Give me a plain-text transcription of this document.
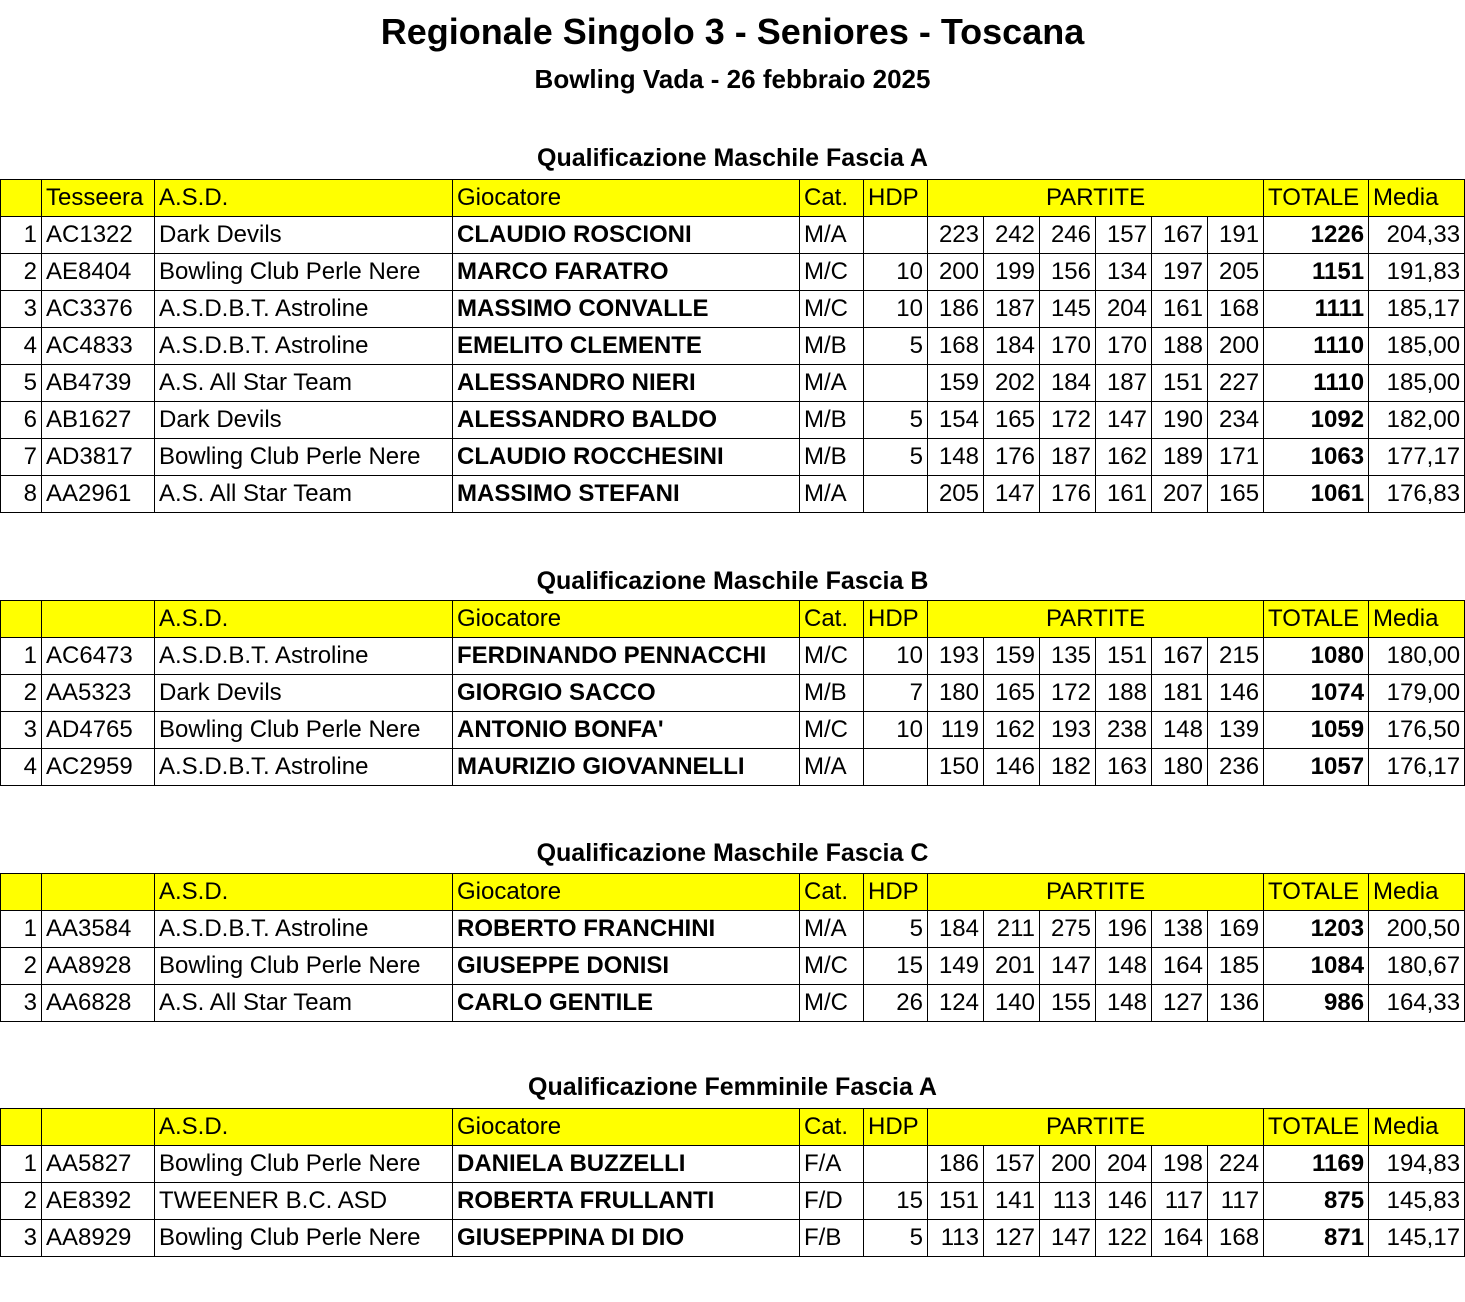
Regionale Singolo 3 - Seniores - Toscana
Bowling Vada - 26 febbraio 2025
Qualificazione Maschile Fascia A
	Tesseera	A.S.D.	Giocatore	Cat.	HDP	PARTITE						TOTALE	Media
1	AC1322	Dark Devils	CLAUDIO ROSCIONI	M/A		223	242	246	157	167	191	1226	204,33
2	AE8404	Bowling Club Perle Nere	MARCO FARATRO	M/C	10	200	199	156	134	197	205	1151	191,83
3	AC3376	A.S.D.B.T. Astroline	MASSIMO CONVALLE	M/C	10	186	187	145	204	161	168	1111	185,17
4	AC4833	A.S.D.B.T. Astroline	EMELITO CLEMENTE	M/B	5	168	184	170	170	188	200	1110	185,00
5	AB4739	A.S. All Star Team	ALESSANDRO NIERI	M/A		159	202	184	187	151	227	1110	185,00
6	AB1627	Dark Devils	ALESSANDRO BALDO	M/B	5	154	165	172	147	190	234	1092	182,00
7	AD3817	Bowling Club Perle Nere	CLAUDIO ROCCHESINI	M/B	5	148	176	187	162	189	171	1063	177,17
8	AA2961	A.S. All Star Team	MASSIMO STEFANI	M/A		205	147	176	161	207	165	1061	176,83
Qualificazione Maschile Fascia B
		A.S.D.	Giocatore	Cat.	HDP	PARTITE						TOTALE	Media
1	AC6473	A.S.D.B.T. Astroline	FERDINANDO PENNACCHI	M/C	10	193	159	135	151	167	215	1080	180,00
2	AA5323	Dark Devils	GIORGIO SACCO	M/B	7	180	165	172	188	181	146	1074	179,00
3	AD4765	Bowling Club Perle Nere	ANTONIO BONFA'	M/C	10	119	162	193	238	148	139	1059	176,50
4	AC2959	A.S.D.B.T. Astroline	MAURIZIO GIOVANNELLI	M/A		150	146	182	163	180	236	1057	176,17
Qualificazione Maschile Fascia C
		A.S.D.	Giocatore	Cat.	HDP	PARTITE						TOTALE	Media
1	AA3584	A.S.D.B.T. Astroline	ROBERTO FRANCHINI	M/A	5	184	211	275	196	138	169	1203	200,50
2	AA8928	Bowling Club Perle Nere	GIUSEPPE DONISI	M/C	15	149	201	147	148	164	185	1084	180,67
3	AA6828	A.S. All Star Team	CARLO GENTILE	M/C	26	124	140	155	148	127	136	986	164,33
Qualificazione Femminile Fascia A
		A.S.D.	Giocatore	Cat.	HDP	PARTITE						TOTALE	Media
1	AA5827	Bowling Club Perle Nere	DANIELA BUZZELLI	F/A		186	157	200	204	198	224	1169	194,83
2	AE8392	TWEENER B.C. ASD	ROBERTA FRULLANTI	F/D	15	151	141	113	146	117	117	875	145,83
3	AA8929	Bowling Club Perle Nere	GIUSEPPINA DI DIO	F/B	5	113	127	147	122	164	168	871	145,17
